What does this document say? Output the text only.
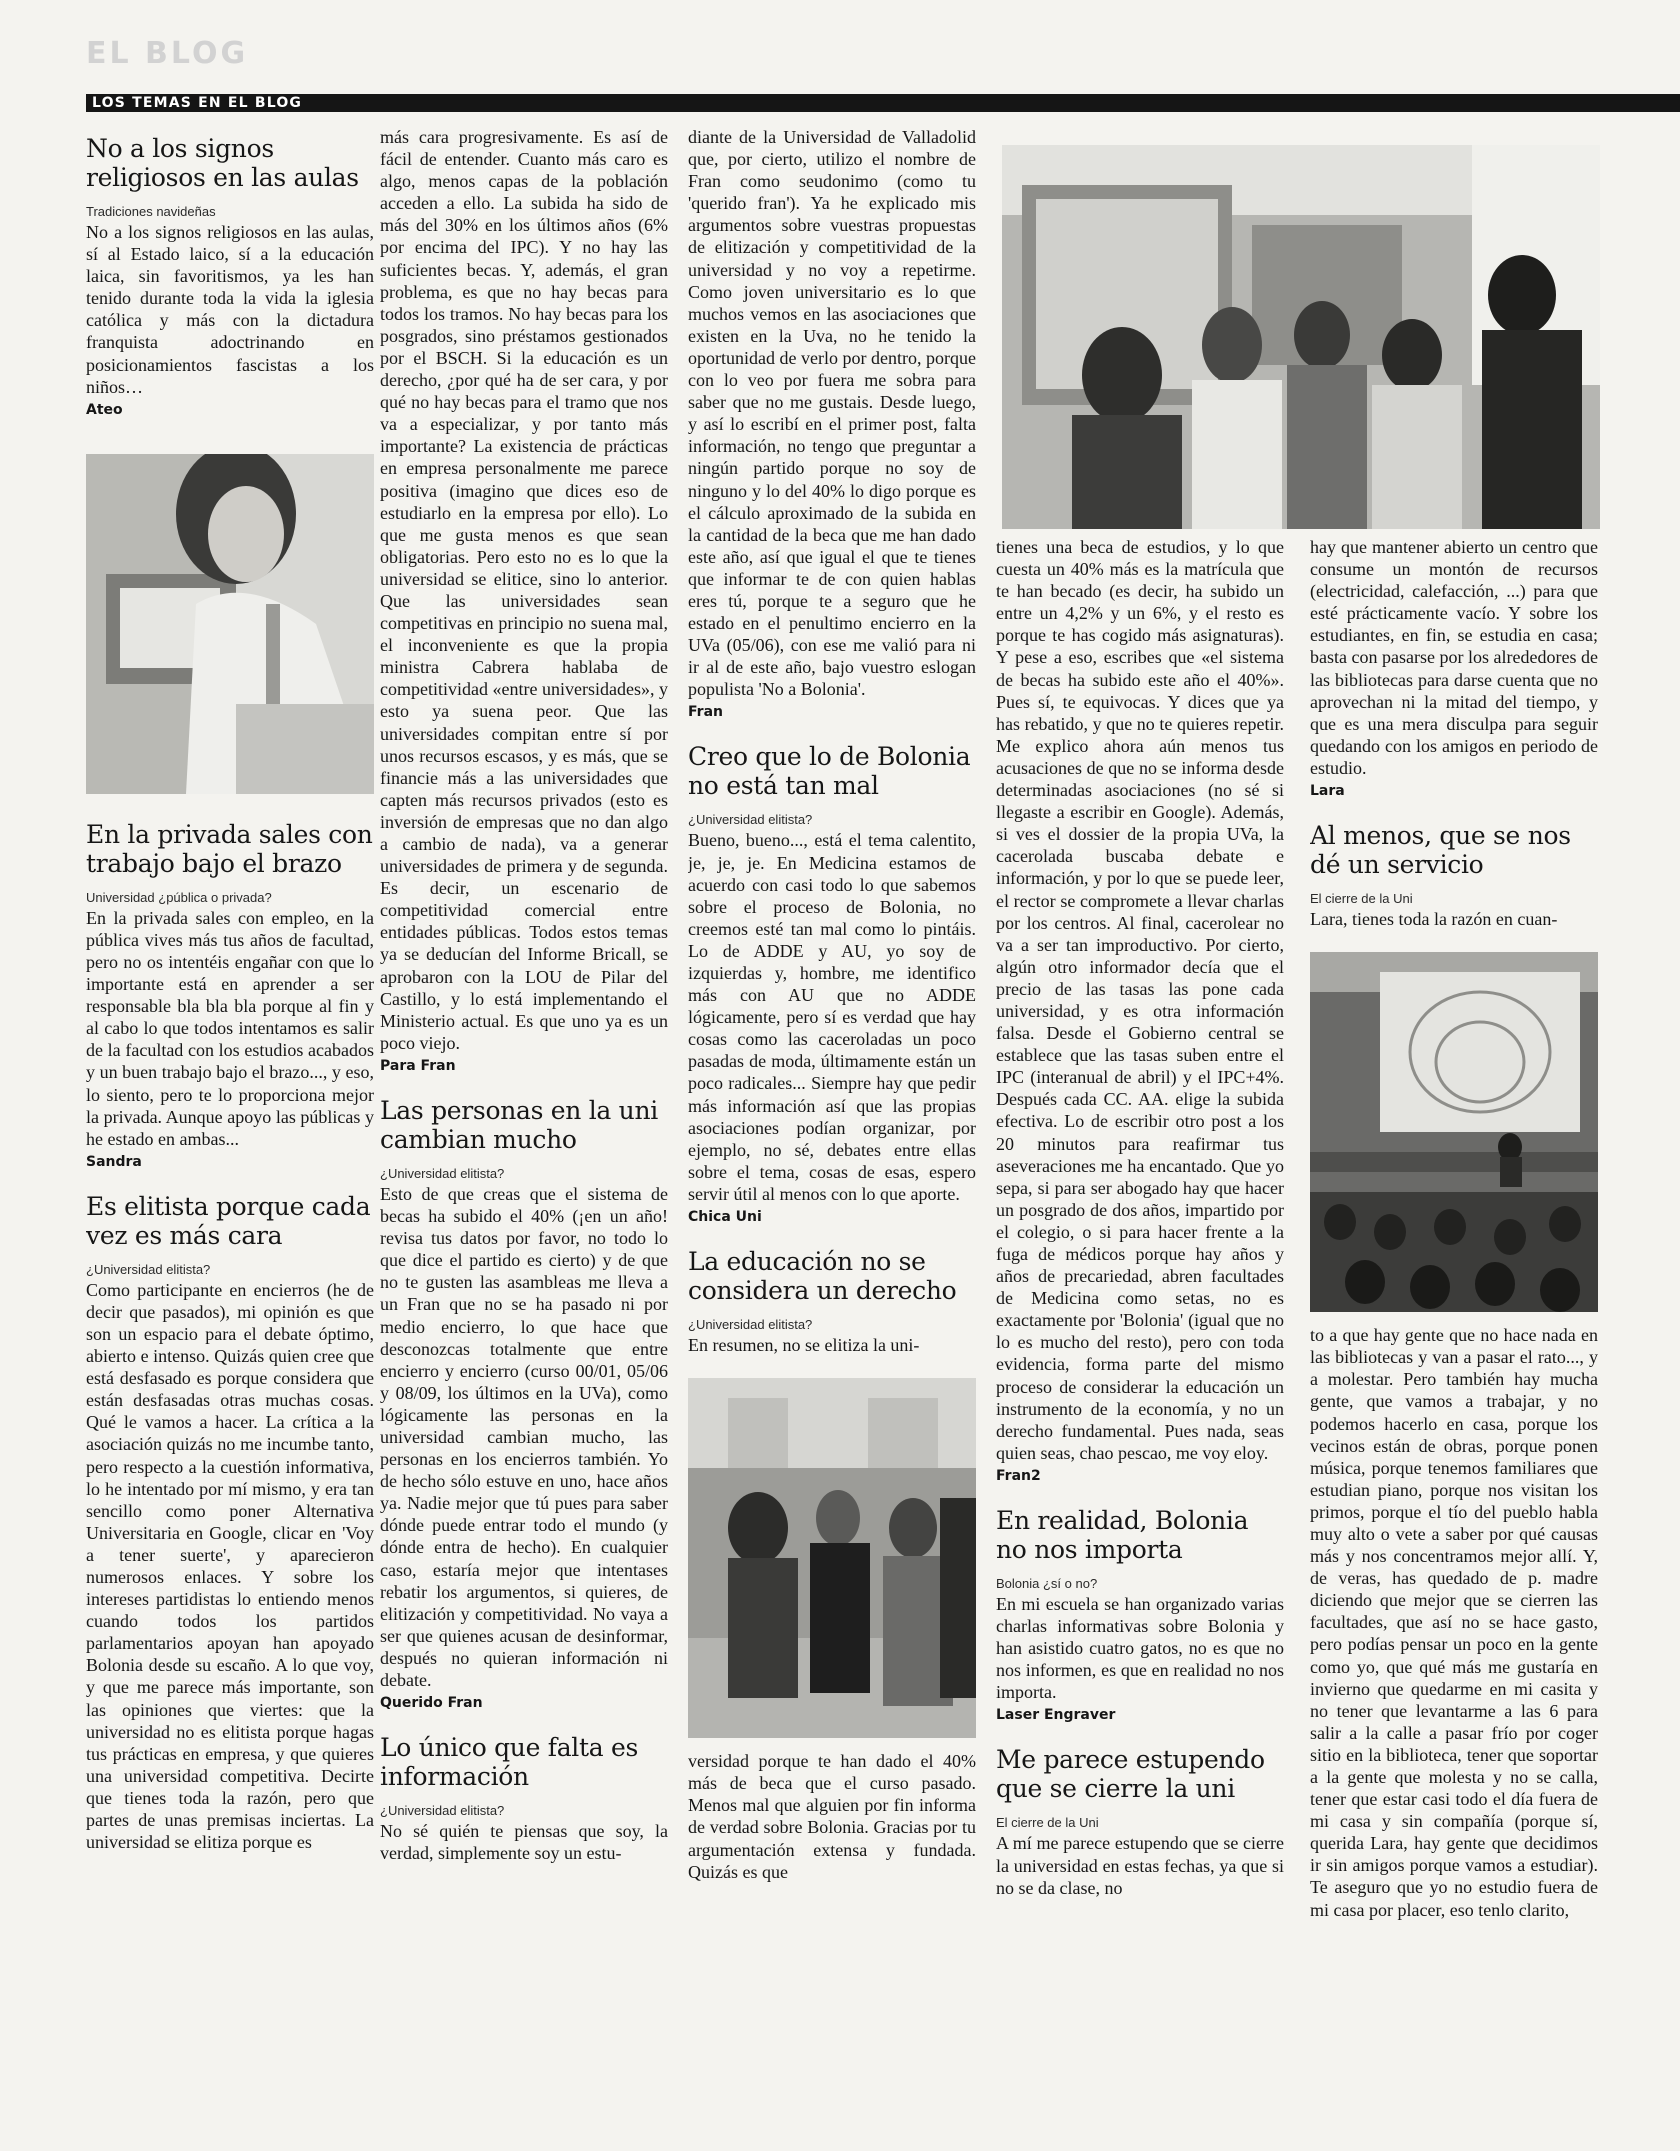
EL BLOG
LOS TEMAS EN EL BLOG
No a los signos religiosos en las aulas
Tradiciones navideñas

No a los signos religiosos en las aulas, sí al Estado laico, sí a la educación laica, sin favoritismos, ya les han tenido durante toda la vida la iglesia católica y más con la dictadura franquista adoctrinando en posicionamientos fascistas a los niños…

Ateo
En la privada sales con trabajo bajo el brazo
Universidad ¿pública o privada?

En la privada sales con empleo, en la pública vives más tus años de facultad, pero no os intentéis engañar con que lo importante está en aprender a ser responsable bla bla bla porque al fin y al cabo lo que todos intentamos es salir de la facultad con los estudios acabados y un buen trabajo bajo el brazo..., y eso, lo siento, pero te lo proporciona mejor la privada. Aunque apoyo las públicas y he estado en ambas...

Sandra
Es elitista porque cada vez es más cara
¿Universidad elitista?

Como participante en encierros (he de decir que pasados), mi opinión es que son un espacio para el debate óptimo, abierto e intenso. Quizás quien cree que está desfasado es porque considera que están desfasadas otras muchas cosas. Qué le vamos a hacer. La crítica a la asociación quizás no me incumbe tanto, pero respecto a la cuestión informativa, lo he intentado por mí mismo, y era tan sencillo como poner Alternativa Universitaria en Google, clicar en 'Voy a tener suerte', y aparecieron numerosos enlaces. Y sobre los intereses partidistas lo entiendo menos cuando todos los partidos parlamentarios apoyan han apoyado Bolonia desde su escaño. A lo que voy, y que me parece más importante, son las opiniones que viertes: que la universidad no es elitista porque hagas tus prácticas en empresa, y que quieres una universidad competitiva. Decirte que tienes toda la razón, pero que partes de unas premisas inciertas. La universidad se elitiza porque es

más cara progresivamente. Es así de fácil de entender. Cuanto más caro es algo, menos capas de la población acceden a ello. La subida ha sido de más del 30% en los últimos años (6% por encima del IPC). Y no hay las suficientes becas. Y, además, el gran problema, es que no hay becas para todos los tramos. No hay becas para los posgrados, sino préstamos gestionados por el BSCH. Si la educación es un derecho, ¿por qué ha de ser cara, y por qué no hay becas para el tramo que nos va a especializar, y por tanto más importante? La existencia de prácticas en empresa personalmente me parece positiva (imagino que dices eso de estudiarlo en la empresa por ello). Lo que me gusta menos es que sean obligatorias. Pero esto no es lo que la universidad se elitice, sino lo anterior. Que las universidades sean competitivas en principio no suena mal, el inconveniente es que la propia ministra Cabrera hablaba de competitividad «entre universidades», y esto ya suena peor. Que las universidades compitan entre sí por unos recursos escasos, y es más, que se financie más a las universidades que capten más recursos privados (esto es inversión de empresas que no dan algo a cambio de nada), va a generar universidades de primera y de segunda. Es decir, un escenario de competitividad comercial entre entidades públicas. Todos estos temas ya se deducían del Informe Bricall, se aprobaron con la LOU de Pilar del Castillo, y lo está implementando el Ministerio actual. Es que uno ya es un poco viejo.

Para Fran
Las personas en la uni cambian mucho
¿Universidad elitista?

Esto de que creas que el sistema de becas ha subido el 40% (¡en un año! revisa tus datos por favor, no todo lo que dice el partido es cierto) y de que no te gusten las asambleas me lleva a un Fran que no se ha pasado ni por medio encierro, lo que hace que desconozcas totalmente que entre encierro y encierro (curso 00/01, 05/06 y 08/09, los últimos en la UVa), como lógicamente las personas en la universidad cambian mucho, las personas en los encierros también. Yo de hecho sólo estuve en uno, hace años ya. Nadie mejor que tú pues para saber dónde puede entrar todo el mundo (y dónde entra de hecho). En cualquier caso, estaría mejor que intentases rebatir los argumentos, si quieres, de elitización y competitividad. No vaya a ser que quienes acusan de desinformar, después no quieran información ni debate.

Querido Fran
Lo único que falta es información
¿Universidad elitista?

No sé quién te piensas que soy, la verdad, simplemente soy un estu-

diante de la Universidad de Valladolid que, por cierto, utilizo el nombre de Fran como seudonimo (como tu 'querido fran'). Ya he explicado mis argumentos sobre vuestras propuestas de elitización y competitividad de la universidad y no voy a repetirme. Como joven universitario es lo que muchos vemos en las asociaciones que existen en la Uva, no he tenido la oportunidad de verlo por dentro, porque con lo veo por fuera me sobra para saber que no me gustais. Desde luego, y así lo escribí en el primer post, falta información, no tengo que preguntar a ningún partido porque no soy de ninguno y lo del 40% lo digo porque es el cálculo aproximado de la subida en la cantidad de la beca que me han dado este año, así que igual el que te tienes que informar te de con quien hablas eres tú, porque te a seguro que he estado en el penultimo encierro en la UVa (05/06), con ese me valió para ni ir al de este año, bajo vuestro eslogan populista 'No a Bolonia'.

Fran
Creo que lo de Bolonia no está tan mal
¿Universidad elitista?

Bueno, bueno..., está el tema calentito, je, je, je. En Medicina estamos de acuerdo con casi todo lo que sabemos sobre el proceso de Bolonia, no creemos esté tan mal como lo pintáis. Lo de ADDE y AU, yo soy de izquierdas y, hombre, me identifico más con AU que no ADDE lógicamente, pero sí es verdad que hay cosas como las caceroladas un poco pasadas de moda, últimamente están un poco radicales... Siempre hay que pedir más información así que las propias asociaciones podían organizar, por ejemplo, no sé, debates entre ellas sobre el tema, cosas de esas, espero servir útil al menos con lo que aporte.

Chica Uni
La educación no se considera un derecho
¿Universidad elitista?

En resumen, no se elitiza la uni-

versidad porque te han dado el 40% más de beca que el curso pasado. Menos mal que alguien por fin informa de verdad sobre Bolonia. Gracias por tu argumentación extensa y fundada. Quizás es que

tienes una beca de estudios, y lo que cuesta un 40% más es la matrícula que te han becado (es decir, ha subido un entre un 4,2% y un 6%, y el resto es porque te has cogido más asignaturas). Y pese a eso, escribes que «el sistema de becas ha subido este año el 40%». Pues sí, te equivocas. Y dices que ya has rebatido, y que no te quieres repetir. Me explico ahora aún menos tus acusaciones de que no se informa desde determinadas asociaciones (no sé si llegaste a escribir en Google). Además, si ves el dossier de la propia UVa, la cacerolada buscaba debate e información, y por lo que se puede leer, el rector se compromete a llevar charlas por los centros. Al final, cacerolear no va a ser tan improductivo. Por cierto, algún otro informador decía que el precio de las tasas las pone cada universidad, y es otra información falsa. Desde el Gobierno central se establece que las tasas suben entre el IPC (interanual de abril) y el IPC+4%. Después cada CC. AA. elige la subida efectiva. Lo de escribir otro post a los 20 minutos para reafirmar tus aseveraciones me ha encantado. Que yo sepa, si para ser abogado hay que hacer un posgrado de dos años, impartido por el colegio, o si para hacer frente a la fuga de médicos porque hay años y años de precariedad, abren facultades de Medicina como setas, no es exactamente por 'Bolonia' (igual que no lo es mucho del resto), pero con toda evidencia, forma parte del mismo proceso de considerar la educación un instrumento de la economía, y no un derecho fundamental. Pues nada, seas quien seas, chao pescao, me voy eloy.

Fran2
En realidad, Bolonia no nos importa
Bolonia ¿sí o no?

En mi escuela se han organizado varias charlas informativas sobre Bolonia y han asistido cuatro gatos, no es que no nos informen, es que en realidad no nos importa.

Laser Engraver
Me parece estupendo que se cierre la uni
El cierre de la Uni

A mí me parece estupendo que se cierre la universidad en estas fechas, ya que si no se da clase, no

hay que mantener abierto un centro que consume un montón de recursos (electricidad, calefacción, ...) para que esté prácticamente vacío. Y sobre los estudiantes, en fin, se estudia en casa; basta con pasarse por los alrededores de las bibliotecas para darse cuenta que no aprovechan ni la mitad del tiempo, y que es una mera disculpa para seguir quedando con los amigos en periodo de estudio.

Lara
Al menos, que se nos dé un servicio
El cierre de la Uni

Lara, tienes toda la razón en cuan-

to a que hay gente que no hace nada en las bibliotecas y van a pasar el rato..., y a molestar. Pero también hay mucha gente, que vamos a trabajar, y no podemos hacerlo en casa, porque los vecinos están de obras, porque ponen música, porque tenemos familiares que estudian piano, porque nos visitan los primos, porque el tío del pueblo habla muy alto o vete a saber por qué causas más y nos concentramos mejor allí. Y, de veras, has quedado de p. madre diciendo que mejor que se cierren las facultades, que así no se hace gasto, pero podías pensar un poco en la gente como yo, que qué más me gustaría en invierno que quedarme en mi casita y no tener que levantarme a las 6 para salir a la calle a pasar frío por coger sitio en la biblioteca, tener que soportar a la gente que molesta y no se calla, tener que estar casi todo el día fuera de mi casa y sin compañía (porque sí, querida Lara, hay gente que decidimos ir sin amigos porque vamos a estudiar). Te aseguro que yo no estudio fuera de mi casa por placer, eso tenlo clarito,
